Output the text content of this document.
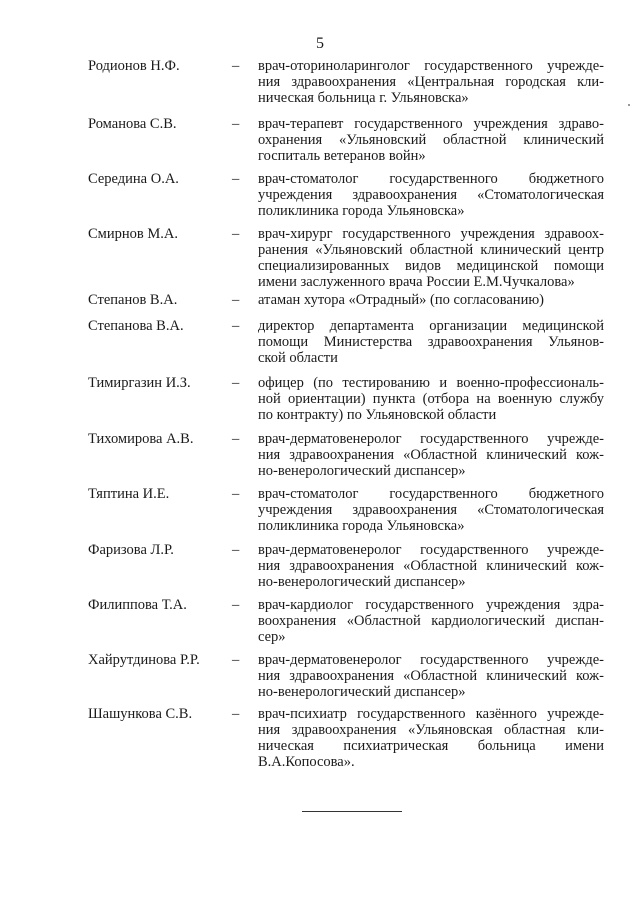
5
Родионов Н.Ф.	– врач-оториноларинголог государственного учрежде-
ния здравоохранения «Центральная городская кли-
ническая больница г. Ульяновска»
Романова С.В.	– врач-терапевт государственного учреждения здраво-
охранения «Ульяновский областной клинический
госпиталь ветеранов войн»
Середина О.А.	– врач-стоматолог государственного бюджетного
учреждения здравоохранения «Стоматологическая
поликлиника города Ульяновска»
Смирнов М.А.	– врач-хирург государственного учреждения здравоох-
ранения «Ульяновский областной клинический центр
специализированных видов медицинской помощи
имени заслуженного врача России Е.М.Чучкалова»
Степанов В.А.	– атаман хутора «Отрадный» (по согласованию)
Степанова В.А.	– директор департамента организации медицинской
помощи Министерства здравоохранения Ульянов-
ской области
Тимиргазин И.З.	– офицер (по тестированию и военно-профессиональ-
ной ориентации) пункта (отбора на военную службу
по контракту) по Ульяновской области
Тихомирова А.В.	– врач-дерматовенеролог государственного учрежде-
ния здравоохранения «Областной клинический кож-
но-венерологический диспансер»
Тяптина И.Е.	– врач-стоматолог государственного бюджетного
учреждения здравоохранения «Стоматологическая
поликлиника города Ульяновска»
Фаризова Л.Р.	– врач-дерматовенеролог государственного учрежде-
ния здравоохранения «Областной клинический кож-
но-венерологический диспансер»
Филиппова Т.А.	– врач-кардиолог государственного учреждения здра-
воохранения «Областной кардиологический диспан-
сер»
Хайрутдинова Р.Р. – врач-дерматовенеролог государственного учрежде-
ния здравоохранения «Областной клинический кож-
но-венерологический диспансер»
Шашункова С.В.	– врач-психиатр государственного казённого учрежде-
ния здравоохранения «Ульяновская областная кли-
ническая психиатрическая больница имени
В.А.Копосова».
